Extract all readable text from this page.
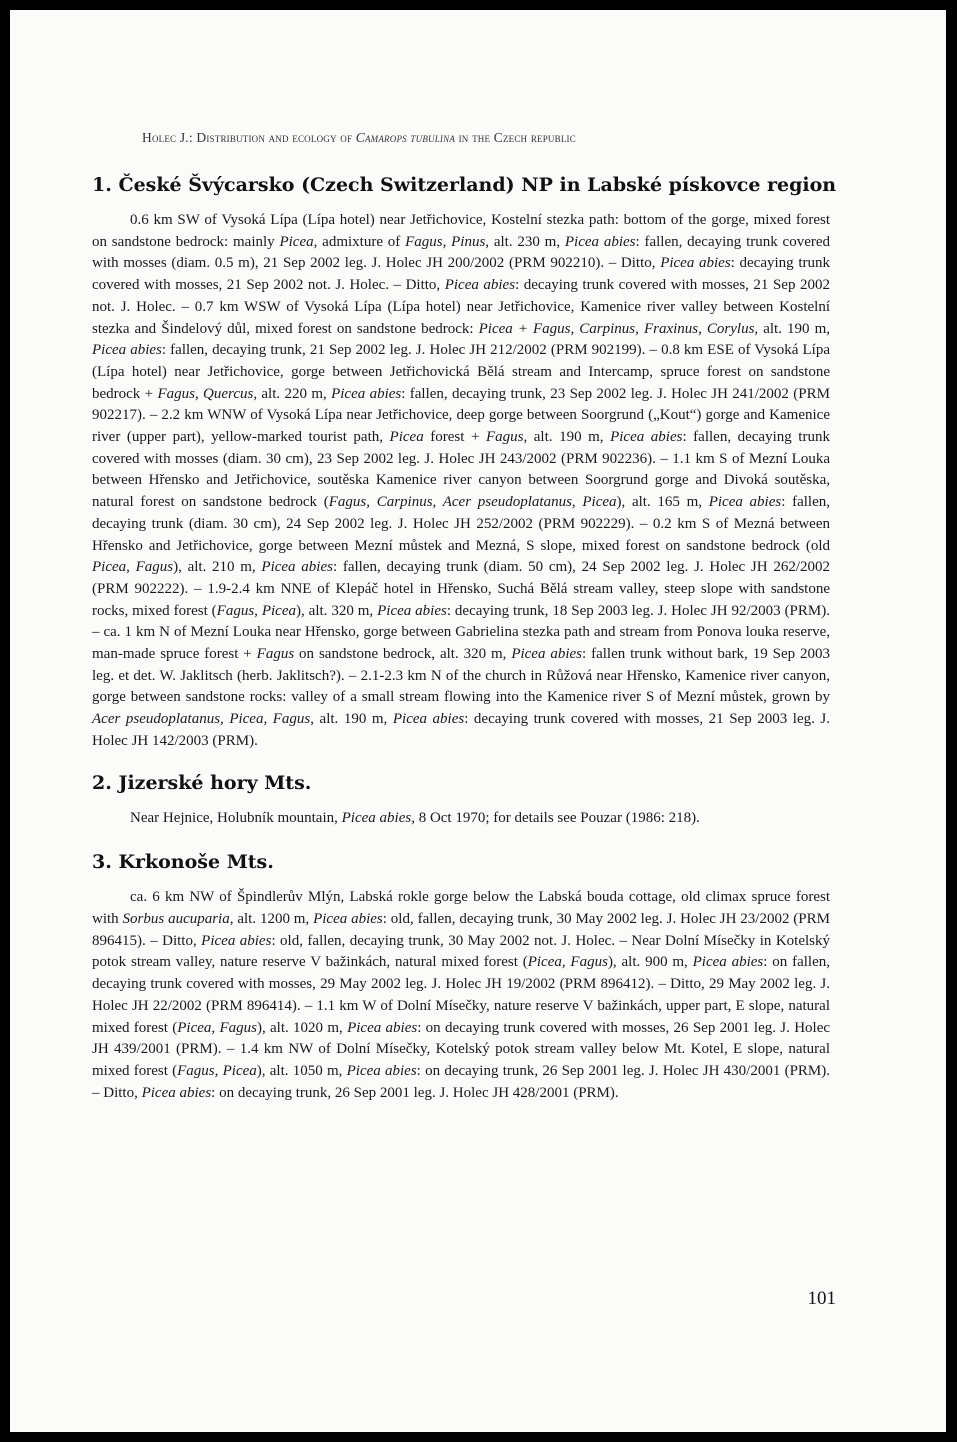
Holec J.: Distribution and ecology of Camarops tubulina in the Czech republic
1. České Švýcarsko (Czech Switzerland) NP in Labské pískovce region

0.6 km SW of Vysoká Lípa (Lípa hotel) near Jetřichovice, Kostelní stezka path: bottom of the gorge, mixed forest on sandstone bedrock: mainly Picea, admixture of Fagus, Pinus, alt. 230 m, Picea abies: fallen, decaying trunk covered with mosses (diam. 0.5 m), 21 Sep 2002 leg. J. Holec JH 200/2002 (PRM 902210). – Ditto, Picea abies: decaying trunk covered with mosses, 21 Sep 2002 not. J. Holec. – Ditto, Picea abies: decaying trunk covered with mosses, 21 Sep 2002 not. J. Holec. – 0.7 km WSW of Vysoká Lípa (Lípa hotel) near Jetřichovice, Kamenice river valley between Kostelní stezka and Šindelový důl, mixed forest on sandstone bedrock: Picea + Fagus, Carpinus, Fraxinus, Corylus, alt. 190 m, Picea abies: fallen, decaying trunk, 21 Sep 2002 leg. J. Holec JH 212/2002 (PRM 902199). – 0.8 km ESE of Vysoká Lípa (Lípa hotel) near Jetřichovice, gorge between Jetřichovická Bělá stream and Intercamp, spruce forest on sandstone bedrock + Fagus, Quercus, alt. 220 m, Picea abies: fallen, decaying trunk, 23 Sep 2002 leg. J. Holec JH 241/2002 (PRM 902217). – 2.2 km WNW of Vysoká Lípa near Jetřichovice, deep gorge between Soorgrund („Kout“) gorge and Kamenice river (upper part), yellow-marked tourist path, Picea forest + Fagus, alt. 190 m, Picea abies: fallen, decaying trunk covered with mosses (diam. 30 cm), 23 Sep 2002 leg. J. Holec JH 243/2002 (PRM 902236). – 1.1 km S of Mezní Louka between Hřensko and Jetřichovice, soutěska Kamenice river canyon between Soorgrund gorge and Divoká soutěska, natural forest on sandstone bedrock (Fagus, Carpinus, Acer pseudoplatanus, Picea), alt. 165 m, Picea abies: fallen, decaying trunk (diam. 30 cm), 24 Sep 2002 leg. J. Holec JH 252/2002 (PRM 902229). – 0.2 km S of Mezná between Hřensko and Jetřichovice, gorge between Mezní můstek and Mezná, S slope, mixed forest on sandstone bedrock (old Picea, Fagus), alt. 210 m, Picea abies: fallen, decaying trunk (diam. 50 cm), 24 Sep 2002 leg. J. Holec JH 262/2002 (PRM 902222). – 1.9-2.4 km NNE of Klepáč hotel in Hřensko, Suchá Bělá stream valley, steep slope with sandstone rocks, mixed forest (Fagus, Picea), alt. 320 m, Picea abies: decaying trunk, 18 Sep 2003 leg. J. Holec JH 92/2003 (PRM). – ca. 1 km N of Mezní Louka near Hřensko, gorge between Gabrielina stezka path and stream from Ponova louka reserve, man-made spruce forest + Fagus on sandstone bedrock, alt. 320 m, Picea abies: fallen trunk without bark, 19 Sep 2003 leg. et det. W. Jaklitsch (herb. Jaklitsch?). – 2.1-2.3 km N of the church in Růžová near Hřensko, Kamenice river canyon, gorge between sandstone rocks: valley of a small stream flowing into the Kamenice river S of Mezní můstek, grown by Acer pseudoplatanus, Picea, Fagus, alt. 190 m, Picea abies: decaying trunk covered with mosses, 21 Sep 2003 leg. J. Holec JH 142/2003 (PRM).

2. Jizerské hory Mts.

Near Hejnice, Holubník mountain, Picea abies, 8 Oct 1970; for details see Pouzar (1986: 218).

3. Krkonoše Mts.

ca. 6 km NW of Špindlerův Mlýn, Labská rokle gorge below the Labská bouda cottage, old climax spruce forest with Sorbus aucuparia, alt. 1200 m, Picea abies: old, fallen, decaying trunk, 30 May 2002 leg. J. Holec JH 23/2002 (PRM 896415). – Ditto, Picea abies: old, fallen, decaying trunk, 30 May 2002 not. J. Holec. – Near Dolní Mísečky in Kotelský potok stream valley, nature reserve V bažinkách, natural mixed forest (Picea, Fagus), alt. 900 m, Picea abies: on fallen, decaying trunk covered with mosses, 29 May 2002 leg. J. Holec JH 19/2002 (PRM 896412). – Ditto, 29 May 2002 leg. J. Holec JH 22/2002 (PRM 896414). – 1.1 km W of Dolní Mísečky, nature reserve V bažinkách, upper part, E slope, natural mixed forest (Picea, Fagus), alt. 1020 m, Picea abies: on decaying trunk covered with mosses, 26 Sep 2001 leg. J. Holec JH 439/2001 (PRM). – 1.4 km NW of Dolní Mísečky, Kotelský potok stream valley below Mt. Kotel, E slope, natural mixed forest (Fagus, Picea), alt. 1050 m, Picea abies: on decaying trunk, 26 Sep 2001 leg. J. Holec JH 430/2001 (PRM). – Ditto, Picea abies: on decaying trunk, 26 Sep 2001 leg. J. Holec JH 428/2001 (PRM).

101
